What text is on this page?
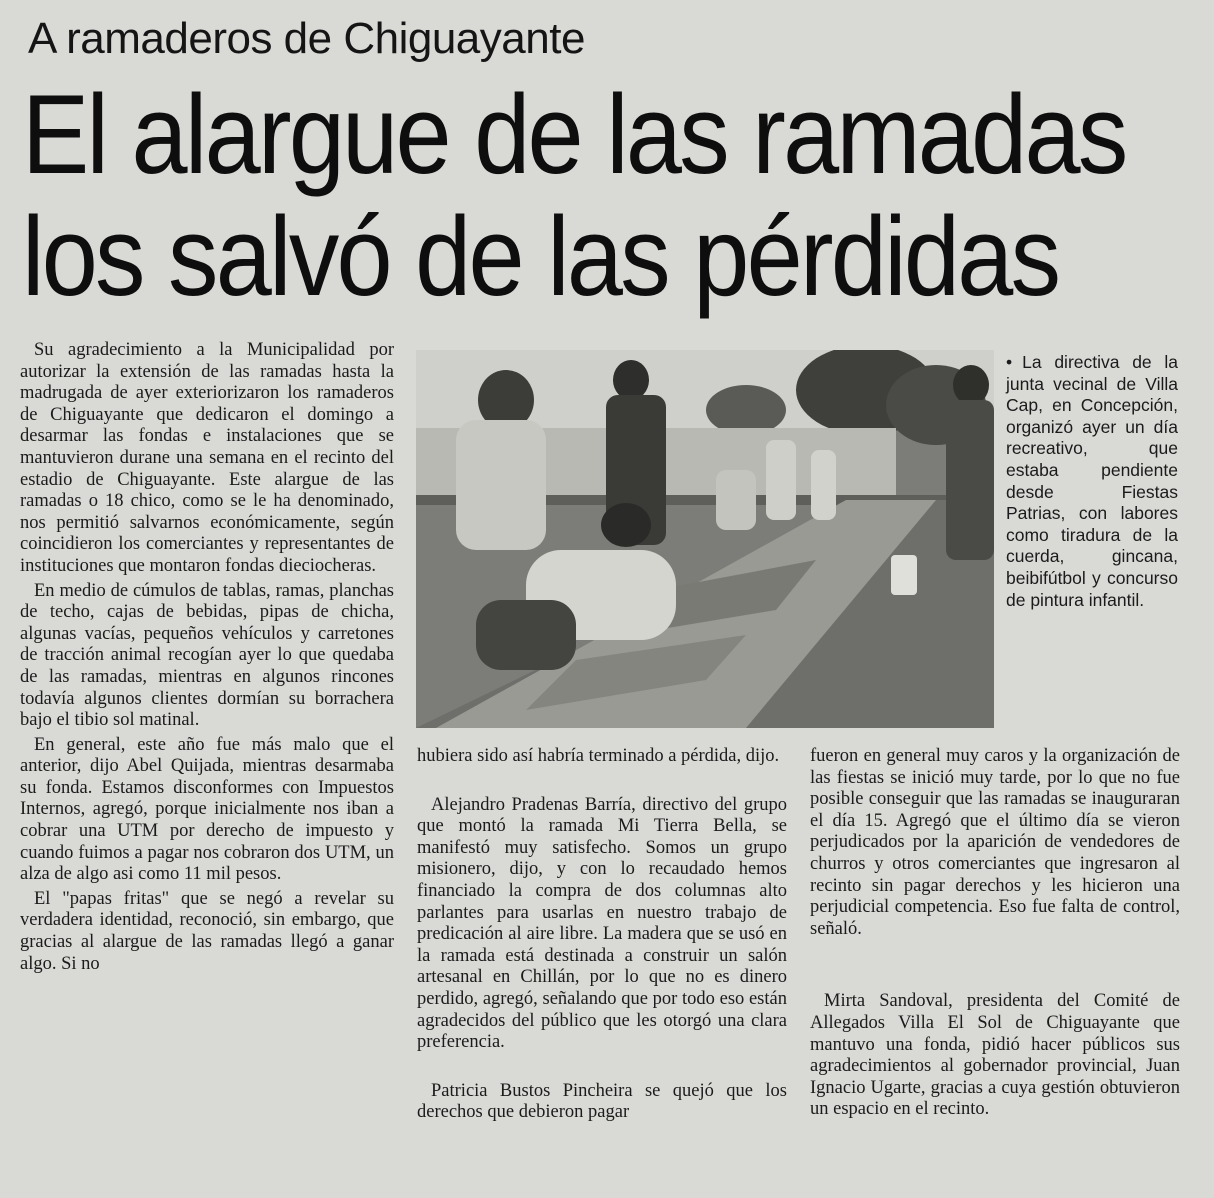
A ramaderos de Chiguayante
El alargue de las ramadas
los salvó de las pérdidas

Su agradecimiento a la Municipalidad por autorizar la extensión de las ramadas hasta la madrugada de ayer exteriorizaron los ramaderos de Chiguayante que dedicaron el domingo a desarmar las fondas e instalaciones que se mantuvieron durane una semana en el recinto del estadio de Chiguayante. Este alargue de las ramadas o 18 chico, como se le ha denominado, nos permitió salvarnos económicamente, según coincidieron los comerciantes y representantes de instituciones que montaron fondas dieciocheras.

En medio de cúmulos de tablas, ramas, planchas de techo, cajas de bebidas, pipas de chicha, algunas vacías, pequeños vehículos y carretones de tracción animal recogían ayer lo que quedaba de las ramadas, mientras en algunos rincones todavía algunos clientes dormían su borrachera bajo el tibio sol matinal.

En general, este año fue más malo que el anterior, dijo Abel Quijada, mientras desarmaba su fonda. Estamos disconformes con Impuestos Internos, agregó, porque inicialmente nos iban a cobrar una UTM por derecho de impuesto y cuando fuimos a pagar nos cobraron dos UTM, un alza de algo asi como 11 mil pesos.

El "papas fritas" que se negó a revelar su verdadera identidad, reconoció, sin embargo, que gracias al alargue de las ramadas llegó a ganar algo. Si no

• La directiva de la junta vecinal de Villa Cap, en Concepción, organizó ayer un día recreativo, que estaba pendiente desde Fiestas Patrias, con labores como tiradura de la cuerda, gincana, beibifútbol y concurso de pintura infantil.

hubiera sido así habría terminado a pérdida, dijo.

Alejandro Pradenas Barría, directivo del grupo que montó la ramada Mi Tierra Bella, se manifestó muy satisfecho. Somos un grupo misionero, dijo, y con lo recaudado hemos financiado la compra de dos columnas alto parlantes para usarlas en nuestro trabajo de predicación al aire libre. La madera que se usó en la ramada está destinada a construir un salón artesanal en Chillán, por lo que no es dinero perdido, agregó, señalando que por todo eso están agradecidos del público que les otorgó una clara preferencia.

Patricia Bustos Pincheira se quejó que los derechos que debieron pagar

fueron en general muy caros y la organización de las fiestas se inició muy tarde, por lo que no fue posible conseguir que las ramadas se inauguraran el día 15. Agregó que el último día se vieron perjudicados por la aparición de vendedores de churros y otros comerciantes que ingresaron al recinto sin pagar derechos y les hicieron una perjudicial competencia. Eso fue falta de control, señaló.

Mirta Sandoval, presidenta del Comité de Allegados Villa El Sol de Chiguayante que mantuvo una fonda, pidió hacer públicos sus agradecimientos al gobernador provincial, Juan Ignacio Ugarte, gracias a cuya gestión obtuvieron un espacio en el recinto.
